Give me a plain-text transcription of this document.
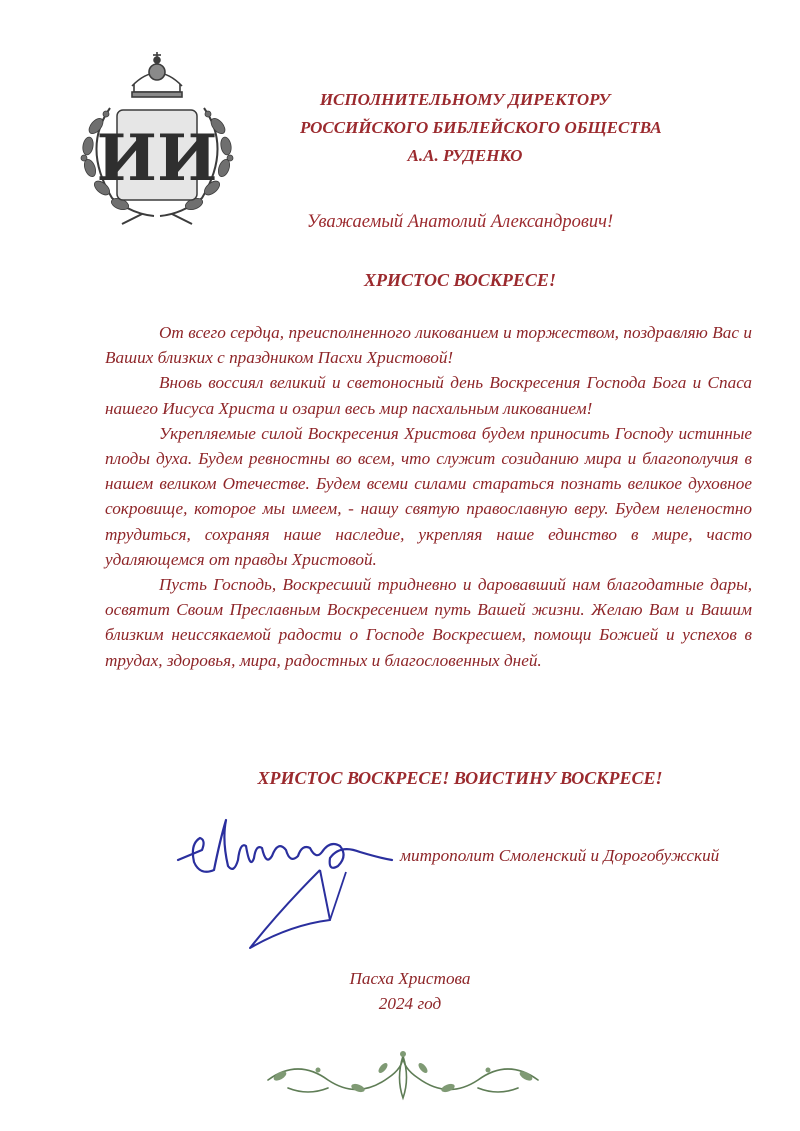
ИИ
ИСПОЛНИТЕЛЬНОМУ ДИРЕКТОРУ
РОССИЙСКОГО БИБЛЕЙСКОГО ОБЩЕСТВА
А.А. РУДЕНКО
Уважаемый Анатолий Александрович!
ХРИСТОС ВОСКРЕСЕ!

От всего сердца, преисполненного ликованием и торжеством, поздравляю Вас и Ваших близких с праздником Пасхи Христовой!

Вновь воссиял великий и светоносный день Воскресения Господа Бога и Спаса нашего Иисуса Христа и озарил весь мир пасхальным ликованием!

Укрепляемые силой Воскресения Христова будем приносить Господу истинные плоды духа. Будем ревностны во всем, что служит созиданию мира и благополучия в нашем великом Отечестве. Будем всеми силами стараться познать великое духовное сокровище, которое мы имеем, - нашу святую православную веру. Будем неленостно трудиться, сохраняя наше наследие, укрепляя наше единство в мире, часто удаляющемся от правды Христовой.

Пусть Господь, Воскресший тридневно и даровавший нам благодатные дары, освятит Своим Преславным Воскресением путь Вашей жизни. Желаю Вам и Вашим близким неиссякаемой радости о Господе Воскресшем, помощи Божией и успехов в трудах, здоровья, мира, радостных и благословенных дней.

ХРИСТОС ВОСКРЕСЕ! ВОИСТИНУ ВОСКРЕСЕ!
митрополит Смоленский и Дорогобужский
Пасха Христова
2024 год
